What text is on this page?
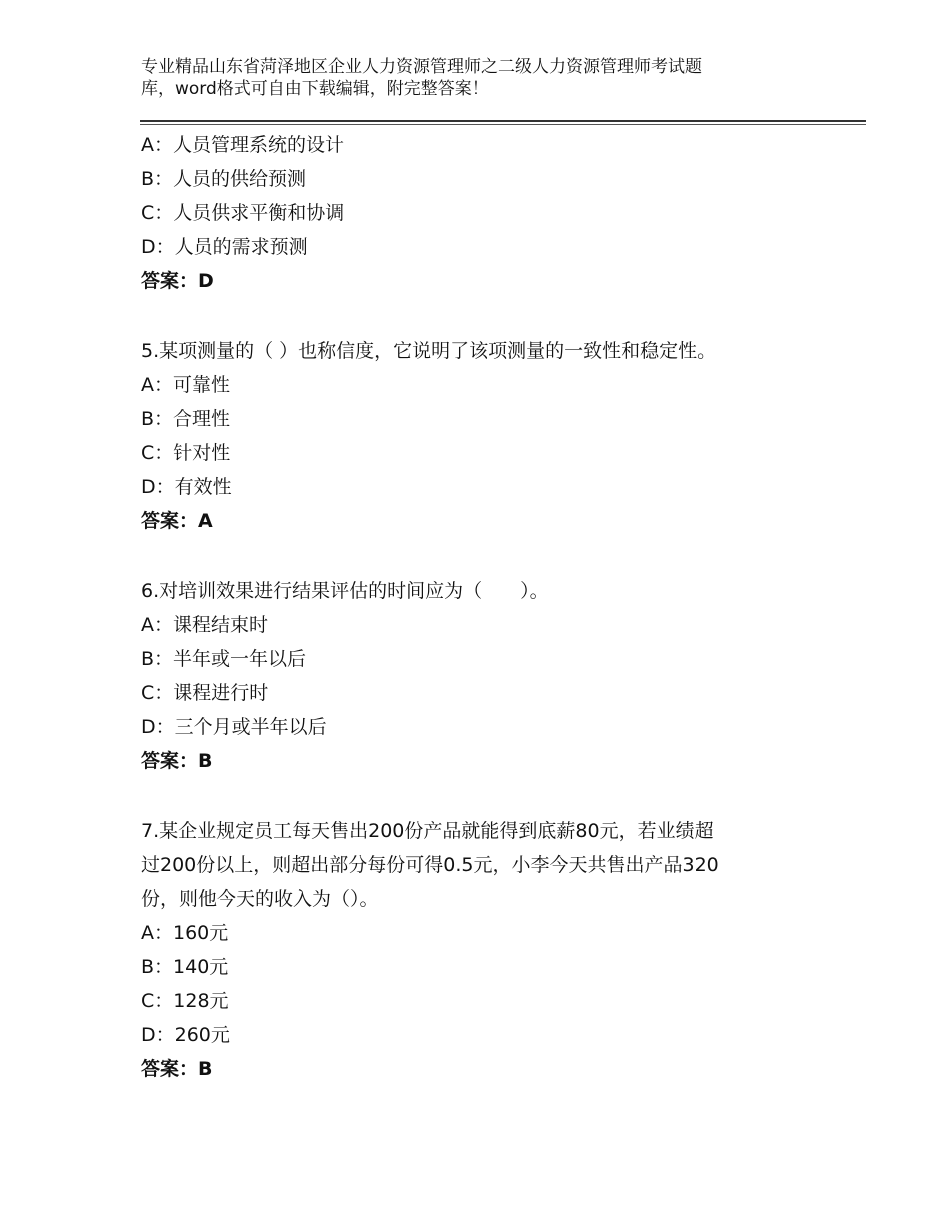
专业精品山东省菏泽地区企业人力资源管理师之二级人力资源管理师考试题
库，word格式可自由下载编辑，附完整答案！
A：人员管理系统的设计
B：人员的供给预测
C：人员供求平衡和协调
D：人员的需求预测
答案：D
5.某项测量的（ ）也称信度，它说明了该项测量的一致性和稳定性。
A：可靠性
B：合理性
C：针对性
D：有效性
答案：A
6.对培训效果进行结果评估的时间应为（　　）。
A：课程结束时
B：半年或一年以后
C：课程进行时
D：三个月或半年以后
答案：B
7.某企业规定员工每天售出200份产品就能得到底薪80元，若业绩超
过200份以上，则超出部分每份可得0.5元，小李今天共售出产品320
份，则他今天的收入为（）。
A：160元
B：140元
C：128元
D：260元
答案：B
